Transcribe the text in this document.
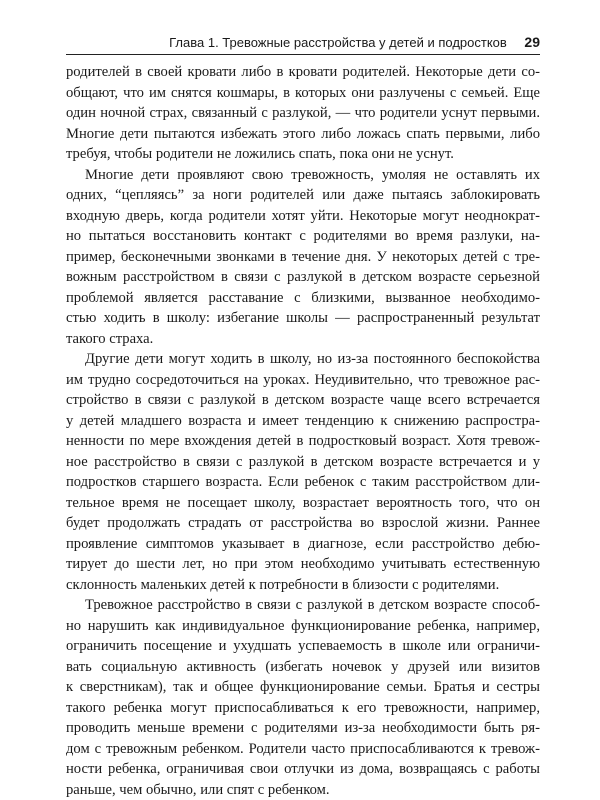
Глава 1. Тревожные расстройства у детей и подростков 29
родителей в своей кровати либо в кровати родителей. Некоторые дети со-
общают, что им снятся кошмары, в которых они разлучены с семьей. Еще
один ночной страх, связанный с разлукой, — что родители уснут первыми.
Многие дети пытаются избежать этого либо ложась спать первыми, либо
требуя, чтобы родители не ложились спать, пока они не уснут.
Многие дети проявляют свою тревожность, умоляя не оставлять их
одних, “цепляясь” за ноги родителей или даже пытаясь заблокировать
входную дверь, когда родители хотят уйти. Некоторые могут неоднократ-
но пытаться восстановить контакт с родителями во время разлуки, на-
пример, бесконечными звонками в течение дня. У некоторых детей с тре-
вожным расстройством в связи с разлукой в детском возрасте серьезной
проблемой является расставание с близкими, вызванное необходимо-
стью ходить в школу: избегание школы — распространенный результат
такого страха.
Другие дети могут ходить в школу, но из-за постоянного беспокойства
им трудно сосредоточиться на уроках. Неудивительно, что тревожное рас-
стройство в связи с разлукой в детском возрасте чаще всего встречается
у детей младшего возраста и имеет тенденцию к снижению распростра-
ненности по мере вхождения детей в подростковый возраст. Хотя тревож-
ное расстройство в связи с разлукой в детском возрасте встречается и у
подростков старшего возраста. Если ребенок с таким расстройством дли-
тельное время не посещает школу, возрастает вероятность того, что он
будет продолжать страдать от расстройства во взрослой жизни. Раннее
проявление симптомов указывает в диагнозе, если расстройство дебю-
тирует до шести лет, но при этом необходимо учитывать естественную
склонность маленьких детей к потребности в близости с родителями.
Тревожное расстройство в связи с разлукой в детском возрасте способ-
но нарушить как индивидуальное функционирование ребенка, например,
ограничить посещение и ухудшать успеваемость в школе или ограничи-
вать социальную активность (избегать ночевок у друзей или визитов
к сверстникам), так и общее функционирование семьи. Братья и сестры
такого ребенка могут приспосабливаться к его тревожности, например,
проводить меньше времени с родителями из-за необходимости быть ря-
дом с тревожным ребенком. Родители часто приспосабливаются к тревож-
ности ребенка, ограничивая свои отлучки из дома, возвращаясь с работы
раньше, чем обычно, или спят с ребенком.
